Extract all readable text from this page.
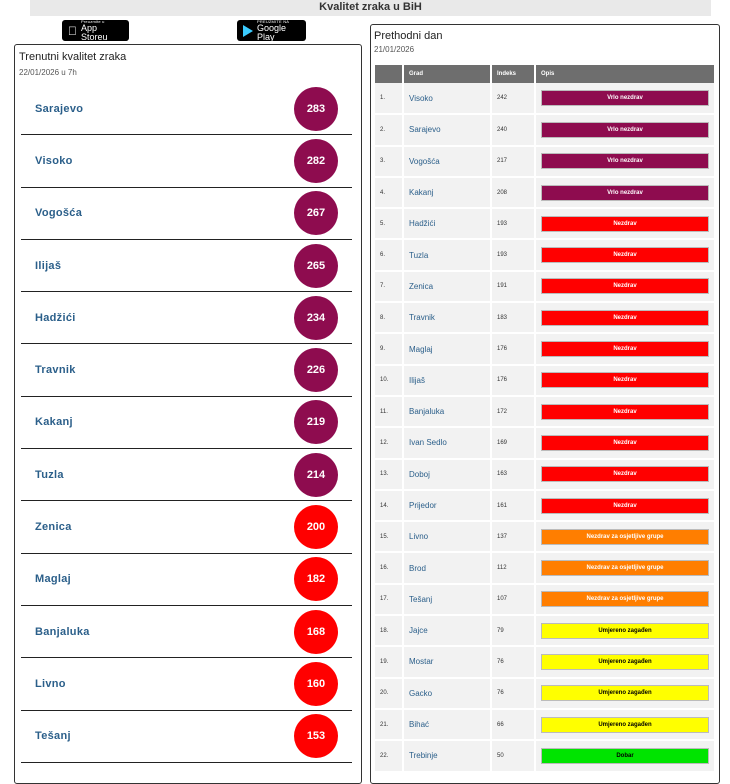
Kvalitet zraka u BiH
Preuzmite u
App Storeu
PREUZMITE NA
Google Play
Trenutni kvalitet zraka
22/01/2026 u 7h
Sarajevo	283
Visoko	282
Vogošća	267
Ilijaš	265
Hadžići	234
Travnik	226
Kakanj	219
Tuzla	214
Zenica	200
Maglaj	182
Banjaluka	168
Livno	160
Tešanj	153
Prethodni dan
21/01/2026
	Grad	Indeks	Opis
1.	Visoko	242	Vrlo nezdrav

2.	Sarajevo	240	Vrlo nezdrav

3.	Vogošća	217	Vrlo nezdrav

4.	Kakanj	208	Vrlo nezdrav

5.	Hadžići	193	Nezdrav

6.	Tuzla	193	Nezdrav

7.	Zenica	191	Nezdrav

8.	Travnik	183	Nezdrav

9.	Maglaj	176	Nezdrav

10.	Ilijaš	176	Nezdrav

11.	Banjaluka	172	Nezdrav

12.	Ivan Sedlo	169	Nezdrav

13.	Doboj	163	Nezdrav

14.	Prijedor	161	Nezdrav

15.	Livno	137	Nezdrav za osjetljive grupe

16.	Brod	112	Nezdrav za osjetljive grupe

17.	Tešanj	107	Nezdrav za osjetljive grupe

18.	Jajce	79	Umjereno zagađen

19.	Mostar	76	Umjereno zagađen

20.	Gacko	76	Umjereno zagađen

21.	Bihać	66	Umjereno zagađen

22.	Trebinje	50	Dobar
